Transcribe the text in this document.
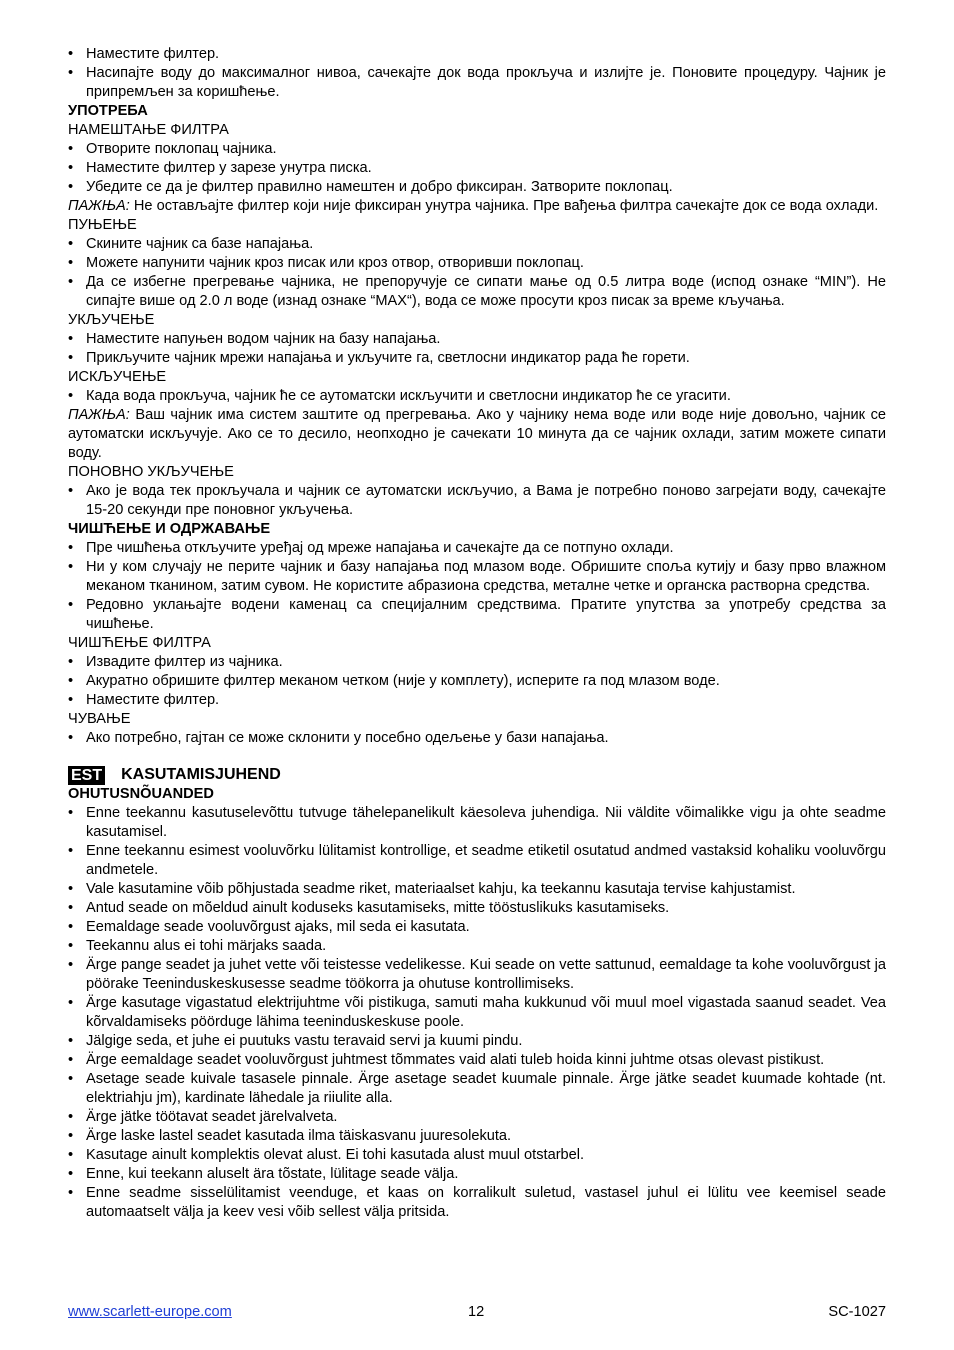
• Наместите филтер.
• Насипајте воду до максималног нивоа, сачекајте док вода прокључа и излијте је. Поновите процедуру. Чајник је припремљен за коришћење.
УПОТРЕБА
НАМЕШТАЊЕ ФИЛТРА
• Отворите поклопац чајника.
• Наместите филтер у зарезе унутра писка.
• Убедите се да је филтер правилно намештен и добро фиксиран. Затворите поклопац.

ПАЖЊА: Не остављајте филтер који није фиксиран унутра чајника. Пре вађења филтра сачекајте док се вода охлади.

ПУЊЕЊЕ
• Скините чајник са базе напајања.
• Можете напунити чајник кроз писак или кроз отвор, отворивши поклопац.
• Да се избегне прегревање чајника, не препоручује се сипати мање од 0.5 литра воде (испод ознаке “MIN”). Не сипајте више од 2.0 л воде (изнад ознаке “MAX“), вода се може просути кроз писак за време кључања.
УКЉУЧЕЊЕ
• Наместите напуњен водом чајник на базу напајања.
• Прикључите чајник мрежи напајања и укључите га, светлосни индикатор рада ће горети.
ИСКЉУЧЕЊЕ
• Када вода прокључа, чајник ће се аутоматски искључити и светлосни индикатор ће се угасити.

ПАЖЊА: Ваш чајник има систем заштите од прегревања. Ако у чајнику нема воде или воде није довољно, чајник се аутоматски искључује. Ако се то десило, неопходно је сачекати 10 минута да се чајник охлади, затим можете сипати воду.

ПОНОВНО УКЉУЧЕЊЕ
• Ако је вода тек прокључала и чајник се аутоматски искључио, а Вама је потребно поново загрејати воду, сачекајте 15-20 секунди пре поновног укључења.
ЧИШЋЕЊЕ И ОДРЖАВАЊЕ
• Пре чишћења откључите уређај од мреже напајања и сачекајте да се потпуно охлади.
• Ни у ком случају не перите чајник и базу напајања под млазом воде. Обришите споља кутију и базу прво влажном меканом тканином, затим сувом. Не користите абразиона средства, металне четке и органска растворна средства.
• Редовно уклањајте водени каменац са специјалним средствима. Пратите упутства за употребу средства за чишћење.
ЧИШЋЕЊЕ ФИЛТРА
• Извадите филтер из чајника.
• Акуратно обришите филтер меканом четком (није у комплету), исперите га под млазом воде.
• Наместите филтер.
ЧУВАЊЕ
• Ако потребно, гајтан се може склонити у посебно одељење у бази напајања.
EST KASUTAMISJUHEND
OHUTUSNÕUANDED
• Enne teekannu kasutuselevõttu tutvuge tähelepanelikult käesoleva juhendiga. Nii väldite võimalikke vigu ja ohte seadme kasutamisel.
• Enne teekannu esimest vooluvõrku lülitamist kontrollige, et seadme etiketil osutatud andmed vastaksid kohaliku vooluvõrgu andmetele.
• Vale kasutamine võib põhjustada seadme riket, materiaalset kahju, ka teekannu kasutaja tervise kahjustamist.
• Antud seade on mõeldud ainult koduseks kasutamiseks, mitte tööstuslikuks kasutamiseks.
• Eemaldage seade vooluvõrgust ajaks, mil seda ei kasutata.
• Teekannu alus ei tohi märjaks saada.
• Ärge pange seadet ja juhet vette või teistesse vedelikesse. Kui seade on vette sattunud, eemaldage ta kohe vooluvõrgust ja pöörake Teeninduskeskusesse seadme töökorra ja ohutuse kontrollimiseks.
• Ärge kasutage vigastatud elektrijuhtme või pistikuga, samuti maha kukkunud või muul moel vigastada saanud seadet. Vea kõrvaldamiseks pöörduge lähima teeninduskeskuse poole.
• Jälgige seda, et juhe ei puutuks vastu teravaid servi ja kuumi pindu.
• Ärge eemaldage seadet vooluvõrgust juhtmest tõmmates vaid alati tuleb hoida kinni juhtme otsas olevast pistikust.
• Asetage seade kuivale tasasele pinnale. Ärge asetage seadet kuumale pinnale. Ärge jätke seadet kuumade kohtade (nt. elektriahju jm), kardinate lähedale ja riiulite alla.
• Ärge jätke töötavat seadet järelvalveta.
• Ärge laske lastel seadet kasutada ilma täiskasvanu juuresolekuta.
• Kasutage ainult komplektis olevat alust. Ei tohi kasutada alust muul otstarbel.
• Enne, kui teekann aluselt ära tõstate, lülitage seade välja.
• Enne seadme sisselülitamist veenduge, et kaas on korralikult suletud, vastasel juhul ei lülitu vee keemisel seade automaatselt välja ja keev vesi võib sellest välja pritsida.
www.scarlett-europe.com	12	SC-1027
